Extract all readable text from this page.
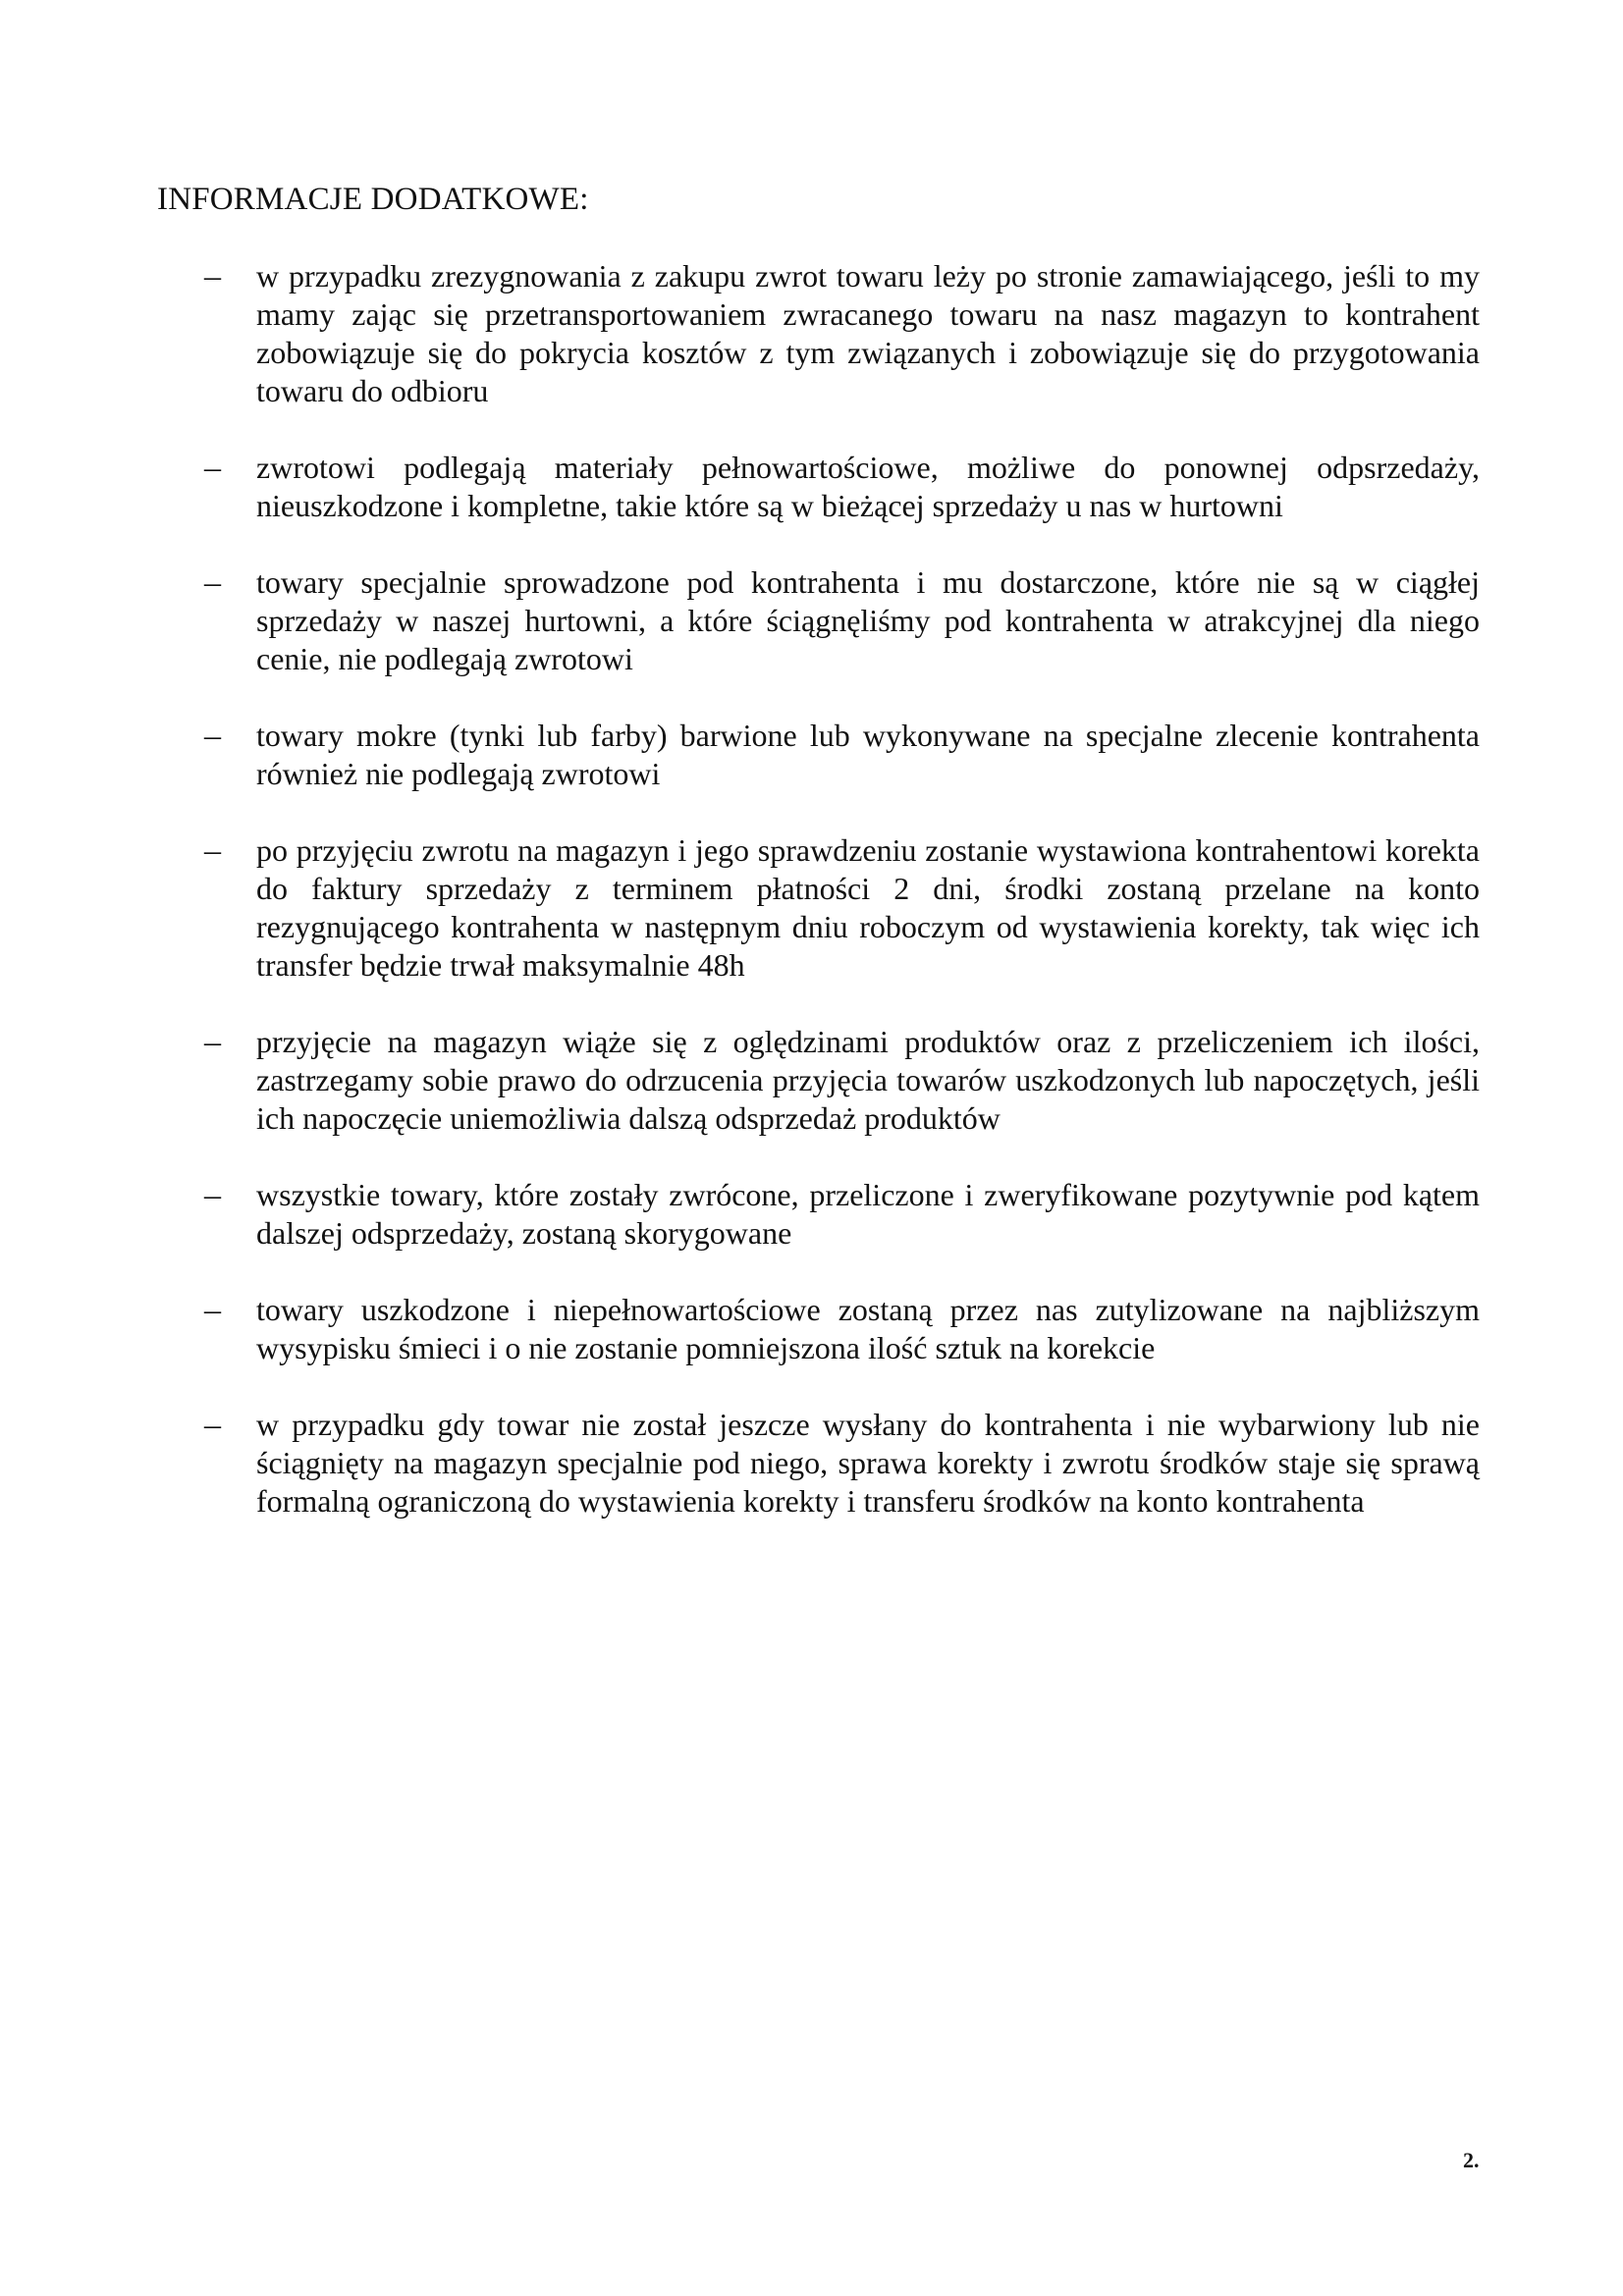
INFORMACJE DODATKOWE:
– w przypadku zrezygnowania z zakupu zwrot towaru leży po stronie zamawiającego, jeśli to my mamy zając się przetransportowaniem zwracanego towaru na nasz magazyn to kontrahent zobowiązuje się do pokrycia kosztów z tym związanych i zobowiązuje się do przygotowania towaru do odbioru
– zwrotowi podlegają materiały pełnowartościowe, możliwe do ponownej odpsrzedaży, nieuszkodzone i kompletne, takie które są w bieżącej sprzedaży u nas w hurtowni
– towary specjalnie sprowadzone pod kontrahenta i mu dostarczone, które nie są w ciągłej sprzedaży w naszej hurtowni, a które ściągnęliśmy pod kontrahenta w atrakcyjnej dla niego cenie, nie podlegają zwrotowi
– towary mokre (tynki lub farby) barwione lub wykonywane na specjalne zlecenie kontrahenta również nie podlegają zwrotowi
– po przyjęciu zwrotu na magazyn i jego sprawdzeniu zostanie wystawiona kontrahentowi korekta do faktury sprzedaży z terminem płatności 2 dni, środki zostaną przelane na konto rezygnującego kontrahenta w następnym dniu roboczym od wystawienia korekty, tak więc ich transfer będzie trwał maksymalnie 48h
– przyjęcie na magazyn wiąże się z oględzinami produktów oraz z przeliczeniem ich ilości, zastrzegamy sobie prawo do odrzucenia przyjęcia towarów uszkodzonych lub napoczętych, jeśli ich napoczęcie uniemożliwia dalszą odsprzedaż produktów
– wszystkie towary, które zostały zwrócone, przeliczone i zweryfikowane pozytywnie pod kątem dalszej odsprzedaży, zostaną skorygowane
– towary uszkodzone i niepełnowartościowe zostaną przez nas zutylizowane na najbliższym wysypisku śmieci i o nie zostanie pomniejszona ilość sztuk na korekcie
– w przypadku gdy towar nie został jeszcze wysłany do kontrahenta i nie wybarwiony lub nie ściągnięty na magazyn specjalnie pod niego, sprawa korekty i zwrotu środków staje się sprawą formalną ograniczoną do wystawienia korekty i transferu środków na konto kontrahenta
2.
